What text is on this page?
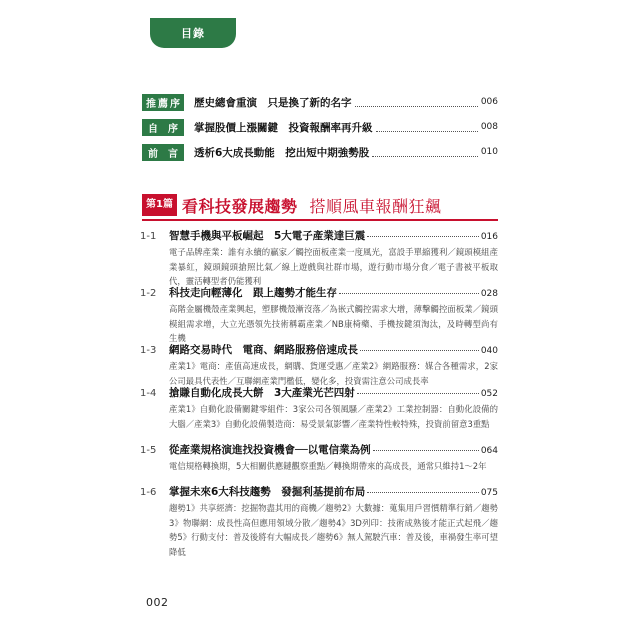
目錄
推 薦 序 歷史總會重演　只是換了新的名字	006
自 序 掌握股價上漲關鍵　投資報酬率再升級	008
前 言 透析6大成長動能　挖出短中期強勢股	010
第1篇 看科技發展趨勢 搭順風車報酬狂飆
1-1	智慧手機與平板崛起　5大電子產業達巨震	016
電子品牌產業：誰有永續的贏家／觸控面板產業一度風光，富設手單縮獲利／鏡頭模組產業暴紅，鏡頭鏡頭搶照比氣／線上遊戲與社群市場，遊行動市場分食／電子書被平板取代，靈活轉型者仍能獲利
1-2	科技走向輕薄化　跟上趨勢才能生存	028
高階金屬機殼產業興起，塑膠機殼漸沒落／為嵌式觸控需求大增，薄擊觸控面板業／鏡頭模組需求增，大立光憑領先技術稱霸產業／NB康椅藥、手機按鍵須淘汰，及時轉型尚有生機
1-3	網路交易時代　電商、網路服務倍速成長	040
產業1》電商：產值高速成長，網購、貨運受惠／產業2》網路服務：媒合各種需求，2家公司最具代表性／互聯網產業門檻低，變化多，投資需注意公司成長率
1-4	搶賺自動化成長大餅　3大產業光芒四射	052
產業1》自動化設備關鍵零組件：3家公司各領風騷／產業2》工業控制器：自動化設備的大腦／產業3》自動化設備製造商：易受景氣影響／產業特性較特殊，投資前留意3重點
1-5	從產業規格演進找投資機會──以電信業為例	064
電信規格轉換期，5大相關供應鏈觀察重點／轉換期帶來的高成長，通常只維持1～2年
1-6	掌握未來6大科技趨勢　發掘利基提前布局	075
趨勢1》共享經濟：挖掘物盡其用的商機／趨勢2》大數據：蒐集用戶習慣精準行銷／趨勢3》物聯網：成長性高但應用領域分散／趨勢4》3D列印：技術成熟後才能正式起飛／趨勢5》行動支付：普及後將有大幅成長／趨勢6》無人駕駛汽車：普及後，車禍發生率可望降低
002
